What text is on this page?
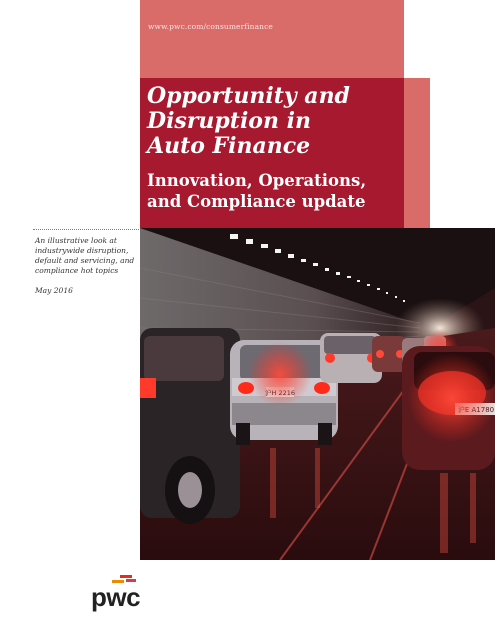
www.pwc.com/consumerfinance
Opportunity and
Disruption in
Auto Finance
Innovation, Operations,
and Compliance update

An illustrative look at
industrywide disruption,
default and servicing, and
compliance hot topics

May 2016

pwc
